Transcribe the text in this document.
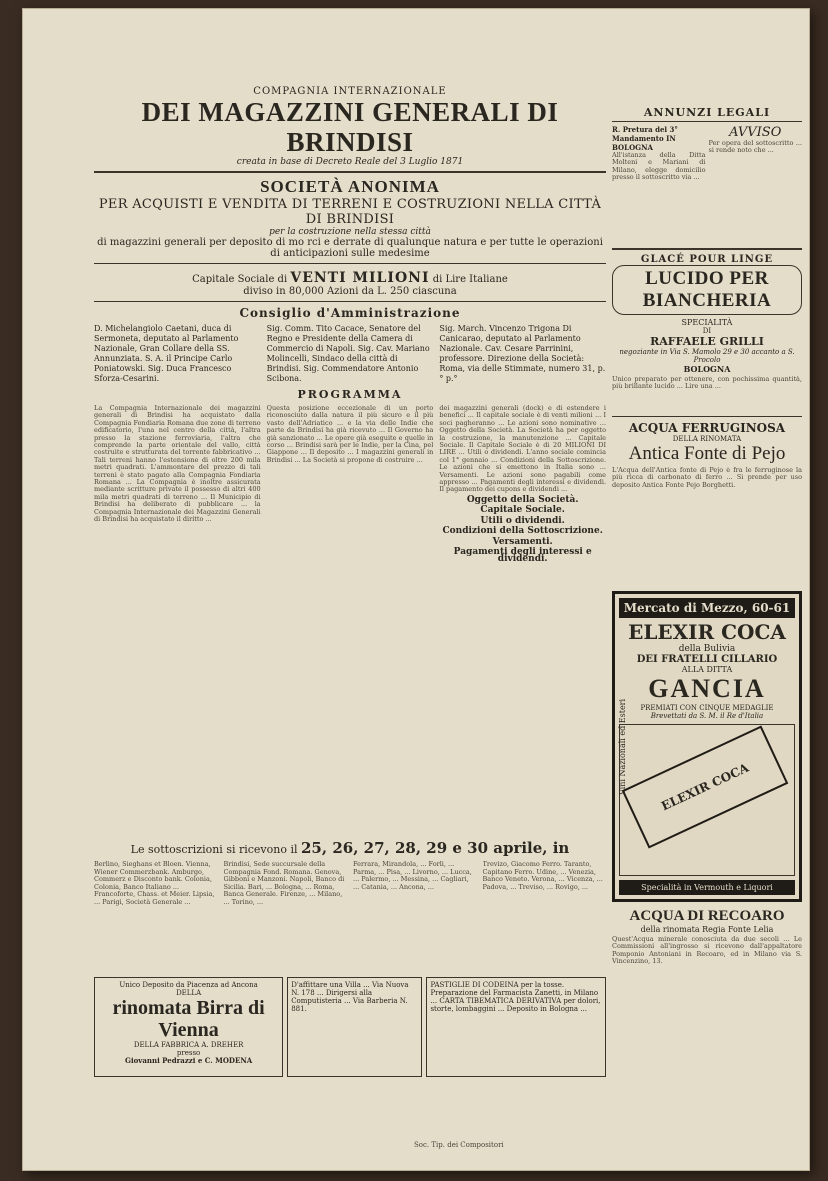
COMPAGNIA INTERNAZIONALE
DEI MAGAZZINI GENERALI DI BRINDISI
creata in base di Decreto Reale del 3 Luglio 1871
SOCIETÀ ANONIMA
PER ACQUISTI E VENDITA DI TERRENI E COSTRUZIONI NELLA CITTÀ DI BRINDISI
per la costruzione nella stessa città
di magazzini generali per deposito di mo rci e derrate di qualunque natura e per tutte le operazioni di anticipazioni sulle medesime
Capitale Sociale di VENTI MILIONI di Lire Italiane
diviso in 80,000 Azioni da L. 250 ciascuna
Consiglio d'Amministrazione
D. Michelangiolo Caetani, duca di Sermoneta, deputato al Parlamento Nazionale, Gran Collare della SS. Annunziata. S. A. il Principe Carlo Poniatowski. Sig. Duca Francesco Sforza-Cesarini.
Sig. Comm. Tito Cacace, Senatore del Regno e Presidente della Camera di Commercio di Napoli. Sig. Cav. Mariano Molincelli, Sindaco della città di Brindisi. Sig. Commendatore Antonio Scibona.
Sig. March. Vincenzo Trigona Di Canicarao, deputato al Parlamento Nazionale. Cav. Cesare Parrinini, professore. Direzione della Società: Roma, via delle Stimmate, numero 31, p.° p.°
PROGRAMMA
La Compagnia Internazionale dei magazzini generali di Brindisi ha acquistato dalla Compagnia Fondiaria Romana due zone di terreno edificatorio, l'una nel centro della città, l'altra presso la stazione ferroviaria, l'altra che comprende la parte orientale del vallo, città costruite e strutturata del torrente fabbricativo ... Tali terreni hanno l'estensione di oltre 200 mila metri quadrati. L'ammontare del prezzo di tali terreni è stato pagato alla Compagnia Fondiaria Romana ... La Compagnia è inoltre assicurata mediante scritture private il possesso di altri 400 mila metri quadrati di terreno ... Il Municipio di Brindisi ha deliberato di pubblicare ... la Compagnia Internazionale dei Magazzini Generali di Brindisi ha acquistato il diritto ...
Questa posizione eccezionale di un porto riconosciuto dalla natura il più sicuro e il più vasto dell'Adriatico ... e la via delle Indie che parte da Brindisi ha già ricevuto ... Il Governo ha già sanzionato ... Le opere già eseguite e quelle in corso ... Brindisi sarà per le Indie, per la Cina, pel Giappone ... Il deposito ... I magazzini generali in Brindisi ... La Società si propone di costruire ...
dei magazzini generali (dock) e di estendere i benefici ... Il capitale sociale è di venti milioni ... I soci pagheranno ... Le azioni sono nominative ... Oggetto della Società. La Società ha per oggetto la costruzione, la manutenzione ... Capitale Sociale. Il Capitale Sociale è di 20 MILIONI DI LIRE ... Utili o dividendi. L'anno sociale comincia col 1° gennaio ... Condizioni della Sottoscrizione. Le azioni che si emettono in Italia sono ... Versamenti. Le azioni sono pagabili come appresso ... Pagamenti degli interessi e dividendi. Il pagamento dei cupons e dividendi ...
Oggetto della Società.
Capitale Sociale.
Utili o dividendi.
Condizioni della Sottoscrizione.
Versamenti.
Pagamenti degli interessi e dividendi.
Le sottoscrizioni si ricevono il 25, 26, 27, 28, 29 e 30 aprile, in
Berlino, Sieghans et Bloen. Vienna, Wiener Commerzbank. Amburgo, Commerz e Disconto bank. Colonia, Colonia, Banco Italiano ... Francoforte, Chass. et Meier. Lipsia, ... Parigi, Società Generale ...
Brindisi, Sede succursale della Compagnia Fond. Romana. Genova, Gibboni e Manzoni. Napoli, Banco di Sicilia. Bari, ... Bologna, ... Roma, Banca Generale. Firenze, ... Milano, ... Torino, ...
Ferrara, Mirandola, ... Forlì, ... Parma, ... Pisa, ... Livorno, ... Lucca, ... Palermo, ... Messina, ... Cagliari, ... Catania, ... Ancona, ...
Trevizo, Giacomo Ferro. Taranto, Capitano Ferro. Udine, ... Venezia, Banco Veneto. Verona, ... Vicenza, ... Padova, ... Treviso, ... Rovigo, ...
Unico Deposito da Piacenza ad Ancona
DELLA
rinomata Birra di Vienna
DELLA FABBRICA A. DREHER
presso
Giovanni Pedrazzi e C. MODENA
D'affittare una Villa ... Via Nuova N. 178 ... Dirigersi alla Computisteria ... Via Barberia N. 881.
PASTIGLIE DI CODEINA per la tosse. Preparazione del Farmacista Zanetti, in Milano ... CARTA TIBEMATICA DERIVATIVA per dolori, storte, lombaggini ... Deposito in Bologna ...
ANNUNZI LEGALI
R. Pretura del 3° Mandamento IN BOLOGNA
All'istanza della Ditta Molteni e Mariani di Milano, elegge domicilio presso il sottoscritto via ...
AVVISO
Per opera del sottoscritto ... si rende noto che ...
GLACÉ POUR LINGE
LUCIDO PER BIANCHERIA
SPECIALITÀ
DI
RAFFAELE GRILLI
negoziante in Via S. Mamolo 29 e 30 accanto a S. Procolo
BOLOGNA
Unico preparato per ottenere, con pochissima quantità, più brillante lucido ... Lire una ...
ACQUA FERRUGINOSA
DELLA RINOMATA
Antica Fonte di Pejo
L'Acqua dell'Antica fonte di Pejo è fra le ferruginose la più ricca di carbonato di ferro ... Si prende per uso deposito Antica Fonte Pejo Borghetti.
Mercato di Mezzo, 60-61
ELEXIR COCA
della Bulivia
DEI FRATELLI CILLARIO
ALLA DITTA
GANCIA
PREMIATI CON CINQUE MEDAGLIE
Brevettati da S. M. il Re d'Italia
ELEXIR COCA
Vini Nazionali ed Esteri
Specialità in Vermouth e Liquori
ACQUA DI RECOARO
della rinomata Regia Fonte Lelia
Quest'Acqua minerale conosciuta da due secoli ... Le Commissioni all'ingrosso si ricevono dall'appaltatore Pomponio Antoniani in Recoaro, ed in Milano via S. Vincenzino, 13.
Soc. Tip. dei Compositori
